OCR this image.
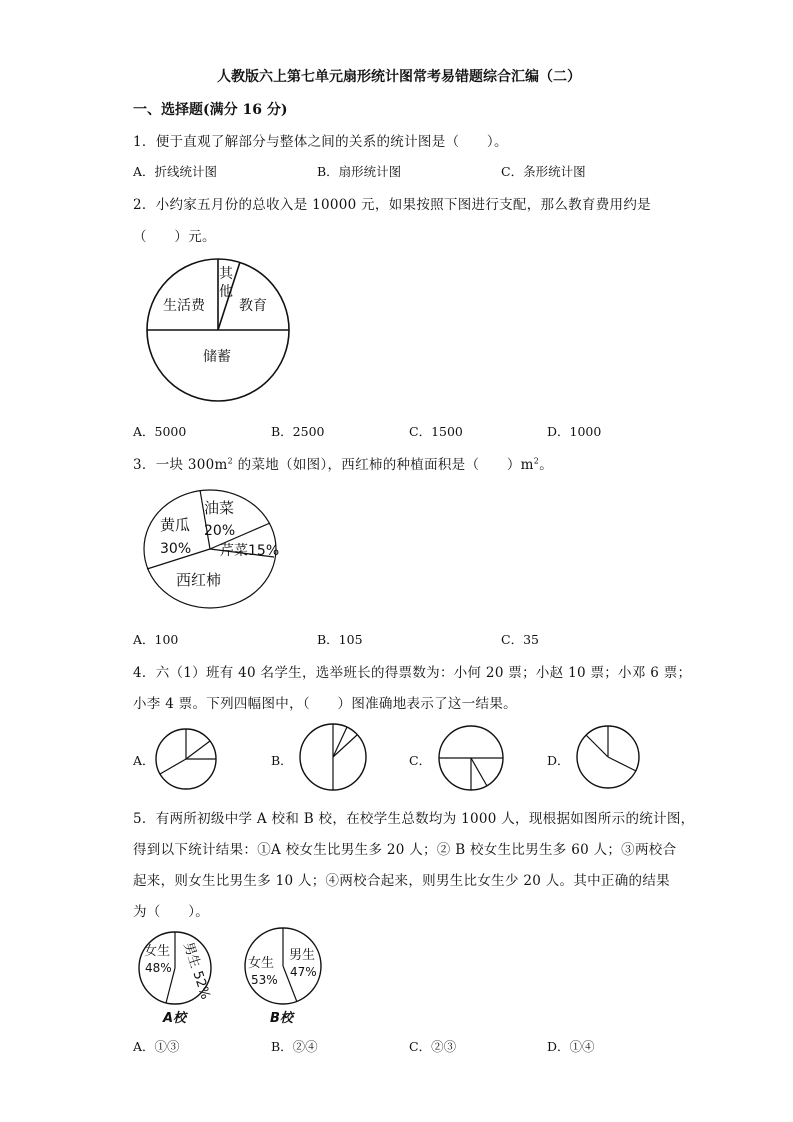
人教版六上第七单元扇形统计图常考易错题综合汇编（二）
一、选择题(满分 16 分)
1．便于直观了解部分与整体之间的关系的统计图是（　　）。
A．折线统计图	B．扇形统计图	C．条形统计图
2．小约家五月份的总收入是 10000 元，如果按照下图进行支配，那么教育费用约是
（　　）元。
生活费
其
他
教育
储蓄
A．5000	B．2500	C．1500	D．1000
3．一块 $300m^2$ 的菜地（如图），西红柿的种植面积是（　　）$m^2$。
油菜
20%
黄瓜
30% 芹菜15%
西红柿
A．100	B．105	C．35
4．六（1）班有 40 名学生，选举班长的得票数为：小何 20 票；小赵 10 票；小邓 6 票；
小李 4 票。下列四幅图中，（　　）图准确地表示了这一结果。
A．	B．	C．	D．
5．有两所初级中学 A 校和 B 校，在校学生总数均为 1000 人，现根据如图所示的统计图，
得到以下统计结果：①A 校女生比男生多 20 人；② B 校女生比男生多 60 人；③两校合
起来，则女生比男生多 10 人；④两校合起来，则男生比女生少 20 人。其中正确的结果
为（　　）。
女生
48% 男生 52%
A校
女生
53%
男生
47%
B校
A．①③	B．②④	C．②③	D．①④
